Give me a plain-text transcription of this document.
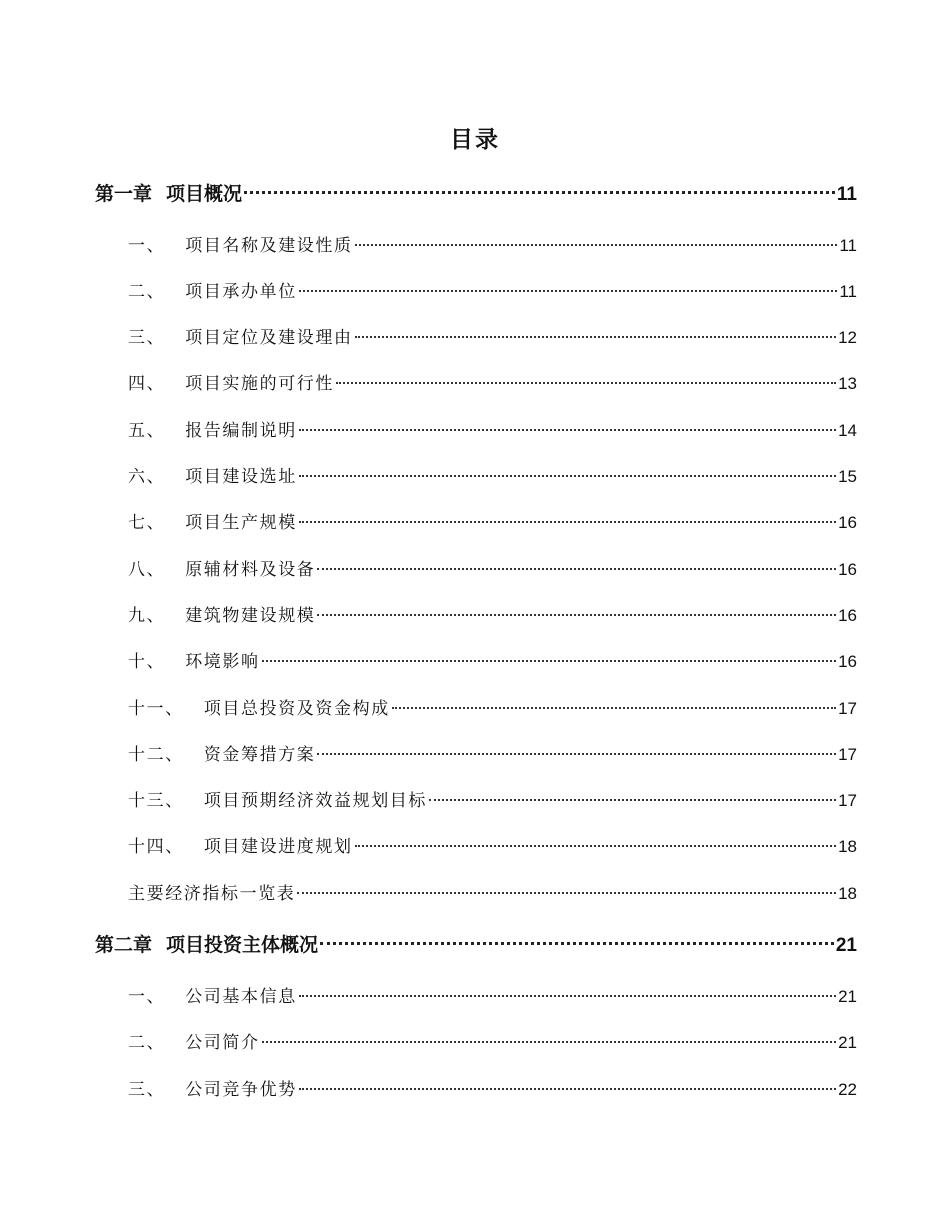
目录
第一章 项目概况	11
一、 项目名称及建设性质	11
二、 项目承办单位	11
三、 项目定位及建设理由	12
四、 项目实施的可行性	13
五、 报告编制说明	14
六、 项目建设选址	15
七、 项目生产规模	16
八、 原辅材料及设备	16
九、 建筑物建设规模	16
十、 环境影响	16
十一、 项目总投资及资金构成	17
十二、 资金筹措方案	17
十三、 项目预期经济效益规划目标	17
十四、 项目建设进度规划	18
主要经济指标一览表	18
第二章 项目投资主体概况	21
一、 公司基本信息	21
二、 公司简介	21
三、 公司竞争优势	22
